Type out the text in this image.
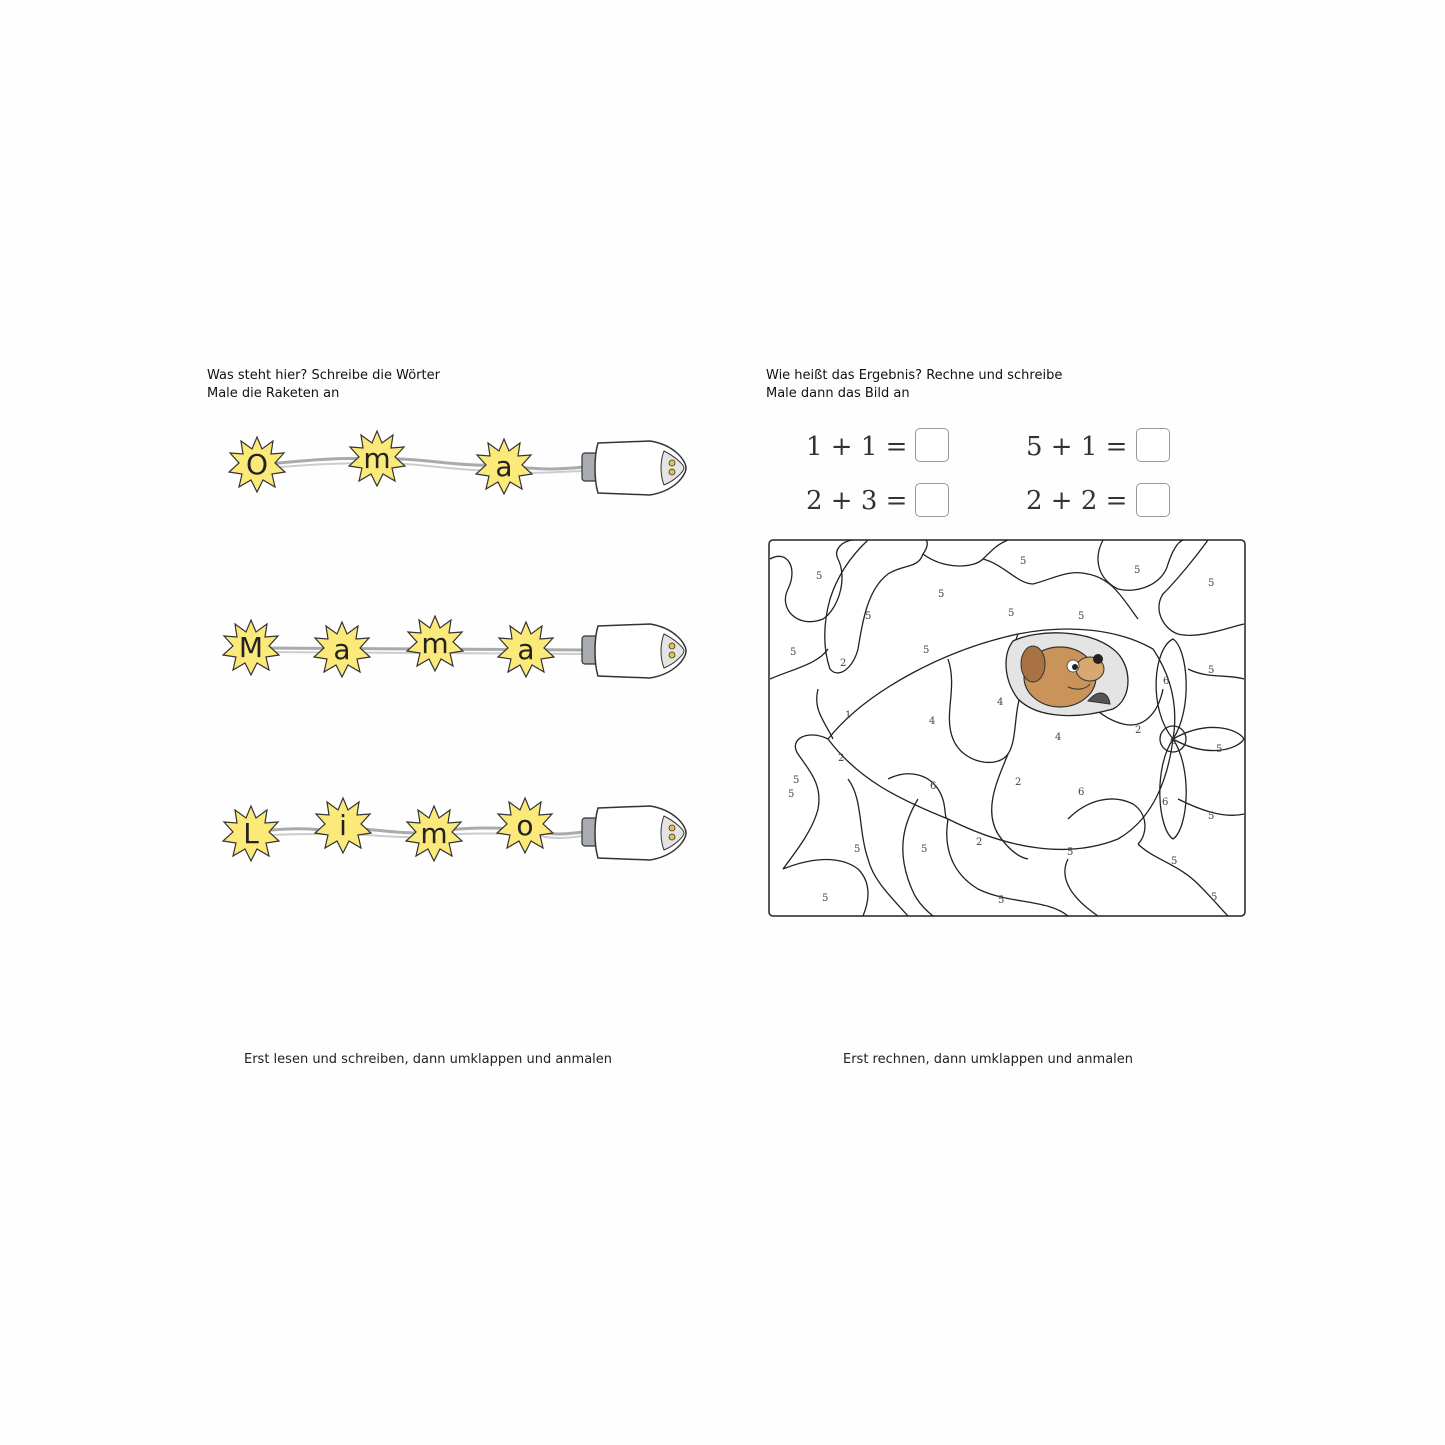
Was steht hier? Schreibe die Wörter
Male die Raketen an
O	m	a
M	a	m	a
L	i	m	o
Erst lesen und schreiben, dann umklappen und anmalen
Wie heißt das Ergebnis? Rechne und schreibe
Male dann das Bild an
1 + 1 =	5 + 1 =
2 + 3 =	2 + 2 =
5
5
5
5
5
5	5
5
2
5	5
6
5
1
4
4
4
2
6
5
2
5
6	2
6
6
5
5	5
2
5
5
5	5	5
5
Erst rechnen, dann umklappen und anmalen
